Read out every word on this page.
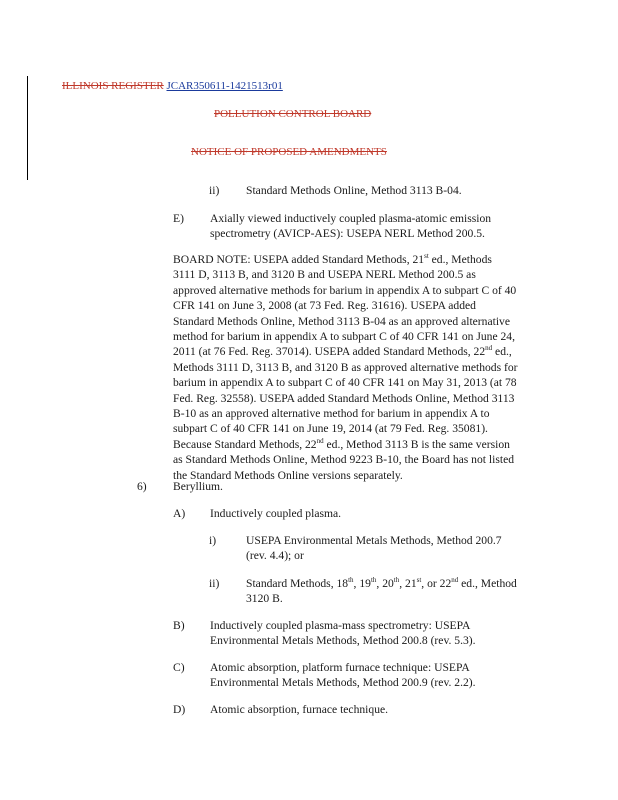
ILLINOIS REGISTER JCAR350611-1421513r01
POLLUTION CONTROL BOARD
NOTICE OF PROPOSED AMENDMENTS
ii) Standard Methods Online, Method 3113 B-04.
E) Axially viewed inductively coupled plasma-atomic emission
spectrometry (AVICP-AES): USEPA NERL Method 200.5.
BOARD NOTE: USEPA added Standard Methods, 21st ed., Methods
3111 D, 3113 B, and 3120 B and USEPA NERL Method 200.5 as
approved alternative methods for barium in appendix A to subpart C of 40
CFR 141 on June 3, 2008 (at 73 Fed. Reg. 31616). USEPA added
Standard Methods Online, Method 3113 B-04 as an approved alternative
method for barium in appendix A to subpart C of 40 CFR 141 on June 24,
2011 (at 76 Fed. Reg. 37014). USEPA added Standard Methods, 22nd ed.,
Methods 3111 D, 3113 B, and 3120 B as approved alternative methods for
barium in appendix A to subpart C of 40 CFR 141 on May 31, 2013 (at 78
Fed. Reg. 32558). USEPA added Standard Methods Online, Method 3113
B-10 as an approved alternative method for barium in appendix A to
subpart C of 40 CFR 141 on June 19, 2014 (at 79 Fed. Reg. 35081).
Because Standard Methods, 22nd ed., Method 3113 B is the same version
as Standard Methods Online, Method 9223 B-10, the Board has not listed
the Standard Methods Online versions separately.
6) Beryllium.
A) Inductively coupled plasma.
i)	USEPA Environmental Metals Methods, Method 200.7
(rev. 4.4); or
ii) Standard Methods, 18th, 19th, 20th, 21st, or 22nd ed., Method
3120 B.
B) Inductively coupled plasma-mass spectrometry: USEPA
Environmental Metals Methods, Method 200.8 (rev. 5.3).
C) Atomic absorption, platform furnace technique: USEPA
Environmental Metals Methods, Method 200.9 (rev. 2.2).
D) Atomic absorption, furnace technique.
